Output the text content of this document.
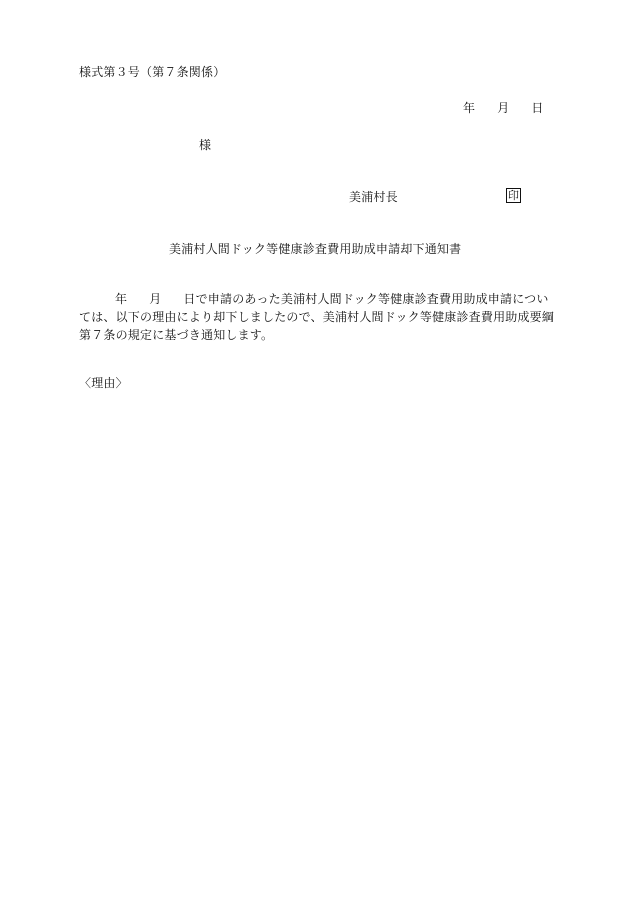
様式第３号（第７条関係）
年 月 日
様
美浦村長	印
美浦村人間ドック等健康診査費用助成申請却下通知書
年 月 日で申請のあった美浦村人間ドック等健康診査費用助成申請につい
ては、以下の理由により却下しましたので、美浦村人間ドック等健康診査費用助成要綱
第７条の規定に基づき通知します。
〈理由〉
